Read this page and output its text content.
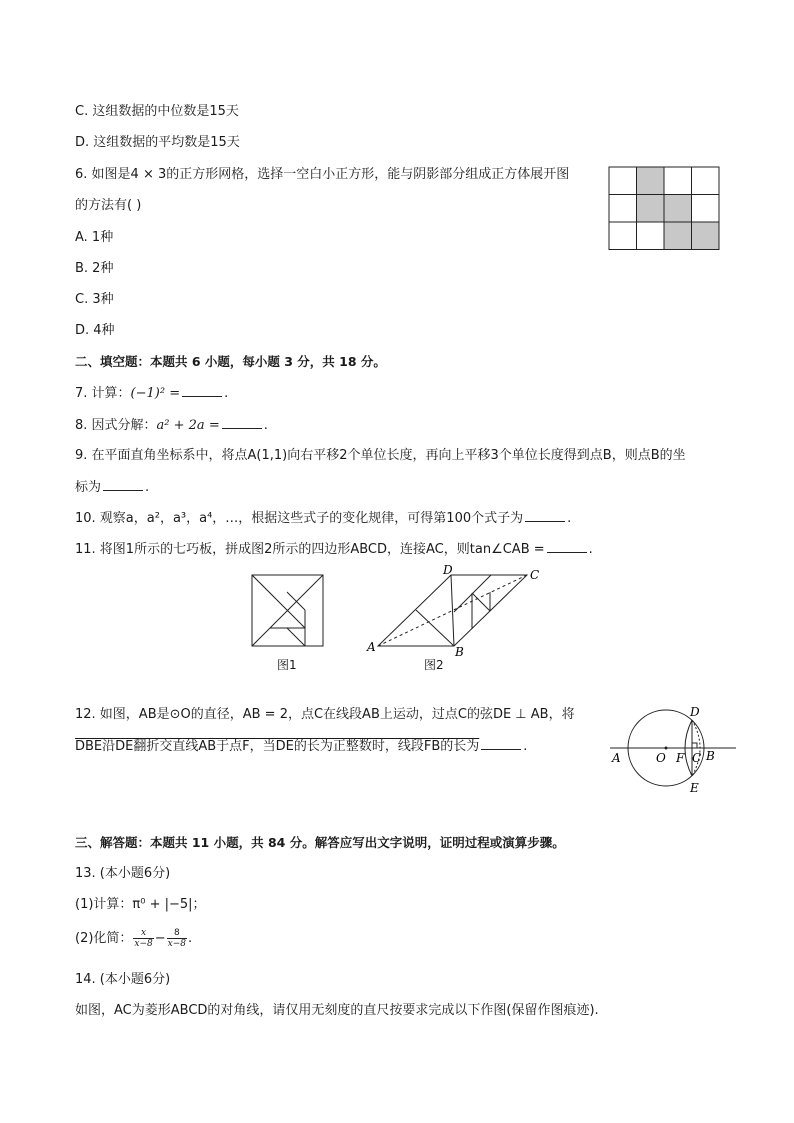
C. 这组数据的中位数是15天
D. 这组数据的平均数是15天
6. 如图是4 × 3的正方形网格，选择一空白小正方形，能与阴影部分组成正方体展开图
的方法有( )
A. 1种
B. 2种
C. 3种
D. 4种
二、填空题：本题共 6 小题，每小题 3 分，共 18 分。
7. 计算：(−1)² =	.
8. 因式分解：a² + 2a =	.
9. 在平面直角坐标系中，将点A(1,1)向右平移2个单位长度，再向上平移3个单位长度得到点B，则点B的坐
标为	.
10. 观察a，a²，a³，a⁴，…，根据这些式子的变化规律，可得第100个式子为	.
11. 将图1所示的七巧板，拼成图2所示的四边形ABCD，连接AC，则tan∠CAB =	.
图1
A	B
C
D
图2
12. 如图，AB是⊙O的直径，AB = 2，点C在线段AB上运动，过点C的弦DE ⊥ AB，将
DBE沿DE翻折交直线AB于点F，当DE的长为正整数时，线段FB的长为	.
A	O F C B
D
E
三、解答题：本题共 11 小题，共 84 分。解答应写出文字说明，证明过程或演算步骤。
13. (本小题6分)
(1)计算：π⁰ + |−5|；
(2)化简： $\frac{x}{x-8} - \frac{8}{x-8}$ .
14. (本小题6分)
如图，AC为菱形ABCD的对角线，请仅用无刻度的直尺按要求完成以下作图(保留作图痕迹).
